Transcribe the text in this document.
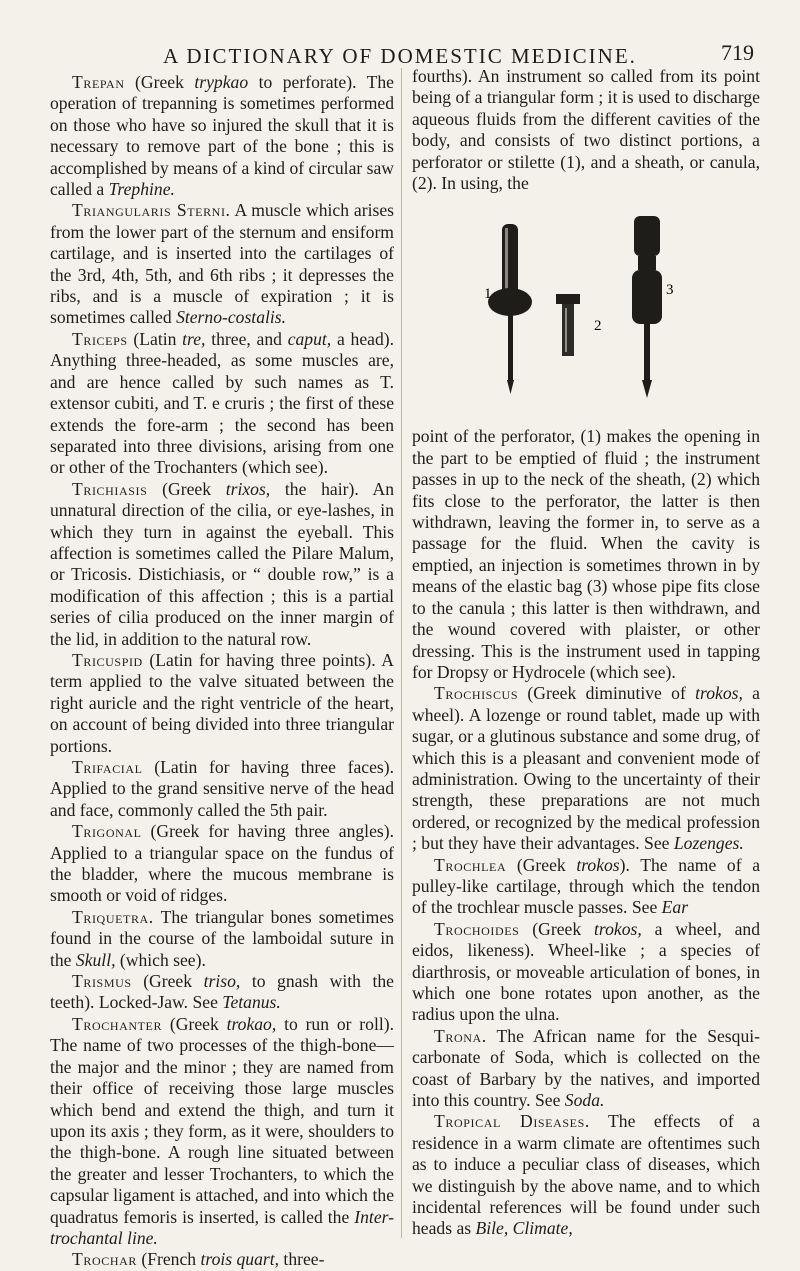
A DICTIONARY OF DOMESTIC MEDICINE.	719

Trepan (Greek trypkao to perforate). The operation of trepanning is sometimes performed on those who have so injured the skull that it is necessary to remove part of the bone ; this is accomplished by means of a kind of circular saw called a Trephine.

Triangularis Sterni. A muscle which arises from the lower part of the sternum and ensiform cartilage, and is inserted into the cartilages of the 3rd, 4th, 5th, and 6th ribs ; it depresses the ribs, and is a muscle of expiration ; it is sometimes called Sterno-costalis.

Triceps (Latin tre, three, and caput, a head). Anything three-headed, as some muscles are, and are hence called by such names as T. extensor cubiti, and T. e cruris ; the first of these extends the fore-arm ; the second has been separated into three divisions, arising from one or other of the Trochanters (which see).

Trichiasis (Greek trixos, the hair). An unnatural direction of the cilia, or eye-lashes, in which they turn in against the eyeball. This affection is sometimes called the Pilare Malum, or Tricosis. Distichiasis, or “ double row,” is a modification of this affection ; this is a partial series of cilia produced on the inner margin of the lid, in addition to the natural row.

Tricuspid (Latin for having three points). A term applied to the valve situated between the right auricle and the right ventricle of the heart, on account of being divided into three triangular portions.

Trifacial (Latin for having three faces). Applied to the grand sensitive nerve of the head and face, commonly called the 5th pair.

Trigonal (Greek for having three angles). Applied to a triangular space on the fundus of the bladder, where the mucous membrane is smooth or void of ridges.

Triquetra. The triangular bones sometimes found in the course of the lamboidal suture in the Skull, (which see).

Trismus (Greek triso, to gnash with the teeth). Locked-Jaw. See Tetanus.

Trochanter (Greek trokao, to run or roll). The name of two processes of the thigh-bone—the major and the minor ; they are named from their office of receiving those large muscles which bend and extend the thigh, and turn it upon its axis ; they form, as it were, shoulders to the thigh-bone. A rough line situated between the greater and lesser Trochanters, to which the capsular ligament is attached, and into which the quadratus femoris is inserted, is called the Inter-trochantal line.

Trochar (French trois quart, three-

fourths). An instrument so called from its point being of a triangular form ; it is used to discharge aqueous fluids from the different cavities of the body, and consists of two distinct portions, a perforator or stilette (1), and a sheath, or canula, (2). In using, the

1
2
3

point of the perforator, (1) makes the opening in the part to be emptied of fluid ; the instrument passes in up to the neck of the sheath, (2) which fits close to the perforator, the latter is then withdrawn, leaving the former in, to serve as a passage for the fluid. When the cavity is emptied, an injection is sometimes thrown in by means of the elastic bag (3) whose pipe fits close to the canula ; this latter is then withdrawn, and the wound covered with plaister, or other dressing. This is the instrument used in tapping for Dropsy or Hydrocele (which see).

Trochiscus (Greek diminutive of trokos, a wheel). A lozenge or round tablet, made up with sugar, or a glutinous substance and some drug, of which this is a pleasant and convenient mode of administration. Owing to the uncertainty of their strength, these preparations are not much ordered, or recognized by the medical profession ; but they have their advantages. See Lozenges.

Trochlea (Greek trokos). The name of a pulley-like cartilage, through which the tendon of the trochlear muscle passes. See Ear

Trochoides (Greek trokos, a wheel, and eidos, likeness). Wheel-like ; a species of diarthrosis, or moveable articulation of bones, in which one bone rotates upon another, as the radius upon the ulna.

Trona. The African name for the Sesqui-carbonate of Soda, which is collected on the coast of Barbary by the natives, and imported into this country. See Soda.

Tropical Diseases. The effects of a residence in a warm climate are oftentimes such as to induce a peculiar class of diseases, which we distinguish by the above name, and to which incidental references will be found under such heads as Bile, Climate,
